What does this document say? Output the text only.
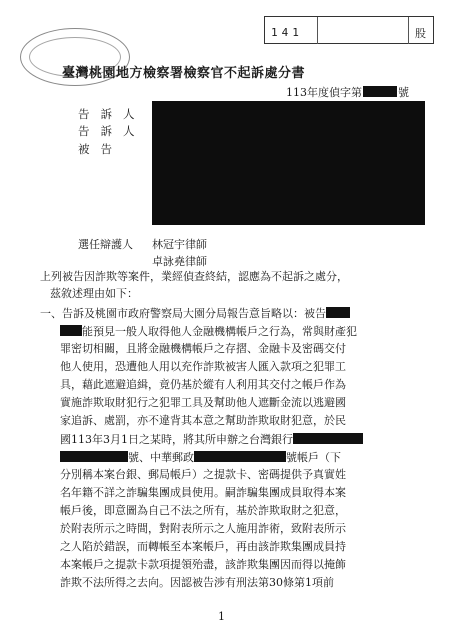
141	股
臺灣桃園地方檢察署檢察官不起訴處分書
113年度偵字第	號
告訴人
告訴人
被告
選任辯護人 林冠宇律師
卓詠堯律師
上列被告因詐欺等案件，業經偵查終結，認應為不起訴之處分，
茲敘述理由如下：
一、告訴及桃園市政府警察局大園分局報告意旨略以：被告
能預見一般人取得他人金融機構帳戶之行為，常與財產犯
罪密切相關，且將金融機構帳戶之存摺、金融卡及密碼交付
他人使用，恐遭他人用以充作詐欺被害人匯入款項之犯罪工
具，藉此遮避追緝，竟仍基於縱有人利用其交付之帳戶作為
實施詐欺取財犯行之犯罪工具及幫助他人遮斷金流以逃避國
家追訴、處罰，亦不違背其本意之幫助詐欺取財犯意，於民
國113年3月1日之某時，將其所申辦之台灣銀行
號、中華郵政	號帳戶（下
分別稱本案台銀、郵局帳戶）之提款卡、密碼提供予真實姓
名年籍不詳之詐騙集團成員使用。嗣詐騙集團成員取得本案
帳戶後，即意圖為自己不法之所有，基於詐欺取財之犯意，
於附表所示之時間，對附表所示之人施用詐術，致附表所示
之人陷於錯誤，而轉帳至本案帳戶，再由該詐欺集團成員持
本案帳戶之提款卡款項提領殆盡，該詐欺集團因而得以掩飾
詐欺不法所得之去向。因認被告涉有刑法第30條第1項前
1
